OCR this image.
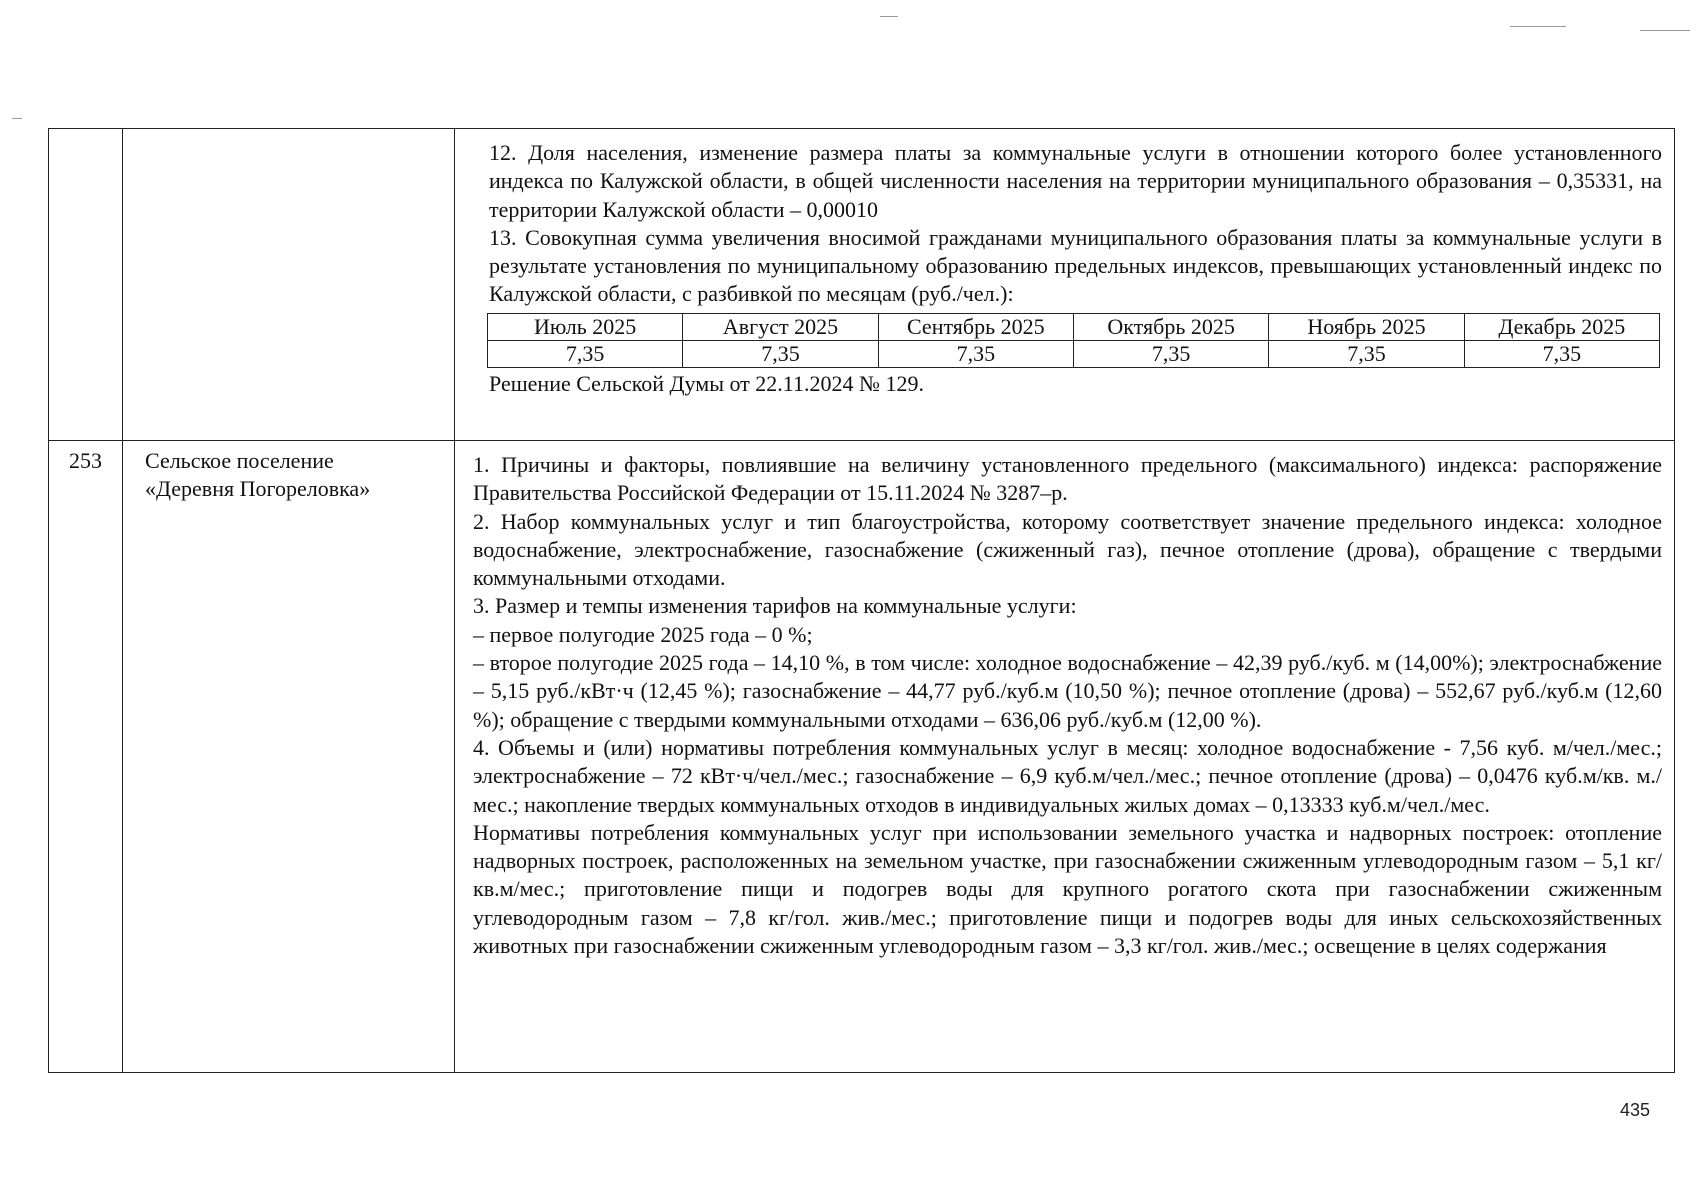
12. Доля населения, изменение размера платы за коммунальные услуги в отношении которого более установленного индекса по Калужской области, в общей численности населения на территории муниципального образования – 0,35331, на территории Калужской области – 0,00010

13. Совокупная сумма увеличения вносимой гражданами муниципального образования платы за коммунальные услуги в результате установления по муниципальному образованию предельных индексов, превышающих установленный индекс по Калужской области, с разбивкой по месяцам (руб./чел.):

Июль 2025	Август 2025	Сентябрь 2025	Октябрь 2025	Ноябрь 2025	Декабрь 2025
7,35	7,35	7,35	7,35	7,35	7,35

Решение Сельской Думы от 22.11.2024 № 129.

253	Сельское поселение
«Деревня Погореловка»

1. Причины и факторы, повлиявшие на величину установленного предельного (максимального) индекса: распоряжение Правительства Российской Федерации от 15.11.2024 № 3287–р.

2. Набор коммунальных услуг и тип благоустройства, которому соответствует значение предельного индекса: холодное водоснабжение, электроснабжение, газоснабжение (сжиженный газ), печное отопление (дрова), обращение с твердыми коммунальными отходами.

3. Размер и темпы изменения тарифов на коммунальные услуги:

– первое полугодие 2025 года – 0 %;

– второе полугодие 2025 года – 14,10 %, в том числе: холодное водоснабжение – 42,39 руб./куб. м (14,00%); электроснабжение – 5,15 руб./кВт·ч (12,45 %); газоснабжение – 44,77 руб./куб.м (10,50 %); печное отопление (дрова) – 552,67 руб./куб.м (12,60 %); обращение с твердыми коммунальными отходами – 636,06 руб./куб.м (12,00 %).

4. Объемы и (или) нормативы потребления коммунальных услуг в месяц: холодное водоснабжение - 7,56 куб. м/чел./мес.; электроснабжение – 72 кВт·ч/чел./мес.; газоснабжение – 6,9 куб.м/чел./мес.; печное отопление (дрова) – 0,0476 куб.м/кв. м./мес.; накопление твердых коммунальных отходов в индивидуальных жилых домах – 0,13333 куб.м/чел./мес.

Нормативы потребления коммунальных услуг при использовании земельного участка и надворных построек: отопление надворных построек, расположенных на земельном участке, при газоснабжении сжиженным углеводородным газом – 5,1 кг/кв.м/мес.; приготовление пищи и подогрев воды для крупного рогатого скота при газоснабжении сжиженным углеводородным газом – 7,8 кг/гол. жив./мес.; приготовление пищи и подогрев воды для иных сельскохозяйственных животных при газоснабжении сжиженным углеводородным газом – 3,3 кг/гол. жив./мес.; освещение в целях содержания

435
